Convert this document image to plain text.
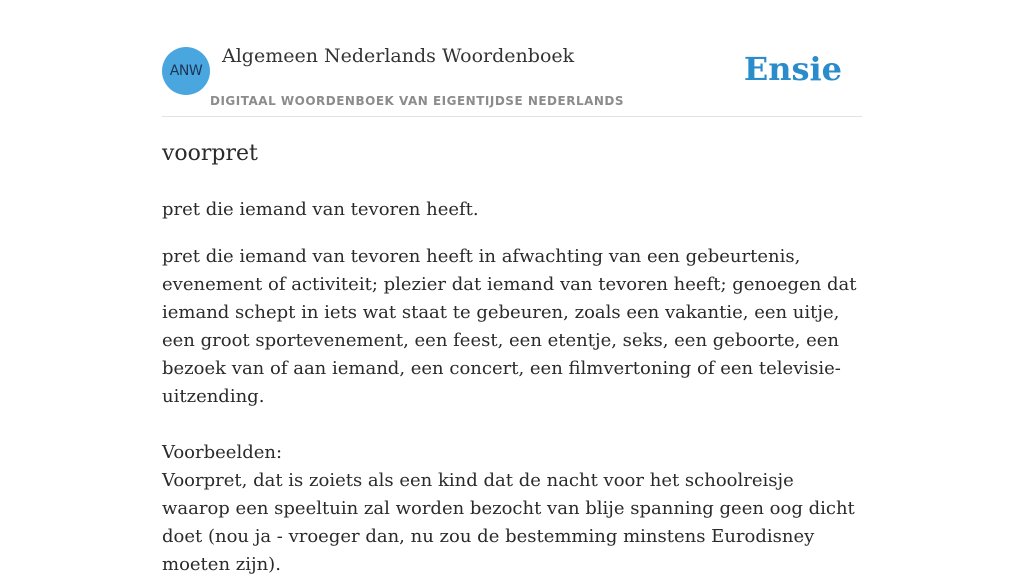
ANW
Algemeen Nederlands Woordenboek
DIGITAAL WOORDENBOEK VAN EIGENTIJDSE NEDERLANDS
Ensie
voorpret

pret die iemand van tevoren heeft.

pret die iemand van tevoren heeft in afwachting van een gebeurtenis, evenement of activiteit; plezier dat iemand van tevoren heeft; genoegen dat iemand schept in iets wat staat te gebeuren, zoals een vakantie, een uitje, een groot sportevenement, een feest, een etentje, seks, een geboorte, een bezoek van of aan iemand, een concert, een filmvertoning of een televisie-uitzending.

Voorbeelden:

Voorpret, dat is zoiets als een kind dat de nacht voor het schoolreisje waarop een speeltuin zal worden bezocht van blije spanning geen oog dicht doet (nou ja - vroeger dan, nu zou de bestemming minstens Eurodisney moeten zijn).
